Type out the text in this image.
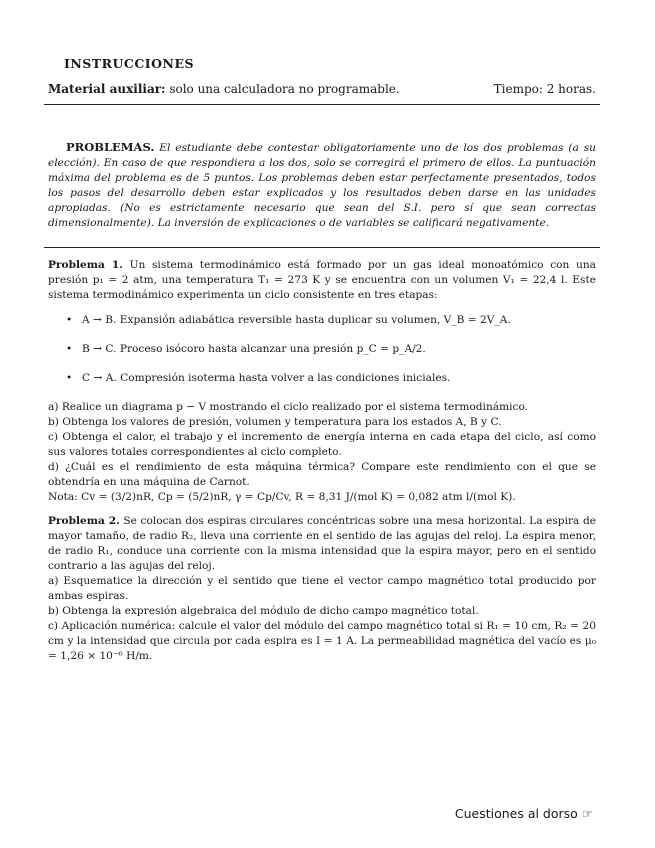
INSTRUCCIONES
Material auxiliar: solo una calculadora no programable.	Tiempo: 2 horas.
PROBLEMAS. El estudiante debe contestar obligatoriamente uno de los dos problemas (a su elección). En caso de que respondiera a los dos, solo se corregirá el primero de ellos. La puntuación máxima del problema es de 5 puntos. Los problemas deben estar perfectamente presentados, todos los pasos del desarrollo deben estar explicados y los resultados deben darse en las unidades apropiadas. (No es estrictamente necesario que sean del S.I. pero sí que sean correctas dimensionalmente). La inversión de explicaciones o de variables se calificará negativamente.
Problema 1. Un sistema termodinámico está formado por un gas ideal monoatómico con una presión p₁ = 2 atm, una temperatura T₁ = 273 K y se encuentra con un volumen V₁ = 22,4 l. Este sistema termodinámico experimenta un ciclo consistente en tres etapas:
• A → B. Expansión adiabática reversible hasta duplicar su volumen, V_B = 2V_A.
• B → C. Proceso isócoro hasta alcanzar una presión p_C = p_A/2.
• C → A. Compresión isoterma hasta volver a las condiciones iniciales.

a) Realice un diagrama p − V mostrando el ciclo realizado por el sistema termodinámico.

b) Obtenga los valores de presión, volumen y temperatura para los estados A, B y C.

c) Obtenga el calor, el trabajo y el incremento de energía interna en cada etapa del ciclo, así como sus valores totales correspondientes al ciclo completo.

d) ¿Cuál es el rendimiento de esta máquina térmica? Compare este rendimiento con el que se obtendría en una máquina de Carnot.

Nota: Cv = (3/2)nR, Cp = (5/2)nR, γ = Cp/Cv, R = 8,31 J/(mol K) = 0,082 atm l/(mol K).

Problema 2. Se colocan dos espiras circulares concéntricas sobre una mesa horizontal. La espira de mayor tamaño, de radio R₂, lleva una corriente en el sentido de las agujas del reloj. La espira menor, de radio R₁, conduce una corriente con la misma intensidad que la espira mayor, pero en el sentido contrario a las agujas del reloj.

a) Esquematice la dirección y el sentido que tiene el vector campo magnético total producido por ambas espiras.

b) Obtenga la expresión algebraica del módulo de dicho campo magnético total.

c) Aplicación numérica: calcule el valor del módulo del campo magnético total si R₁ = 10 cm, R₂ = 20 cm y la intensidad que circula por cada espira es I = 1 A. La permeabilidad magnética del vacío es μ₀ = 1,26 × 10⁻⁶ H/m.

Cuestiones al dorso ☞
